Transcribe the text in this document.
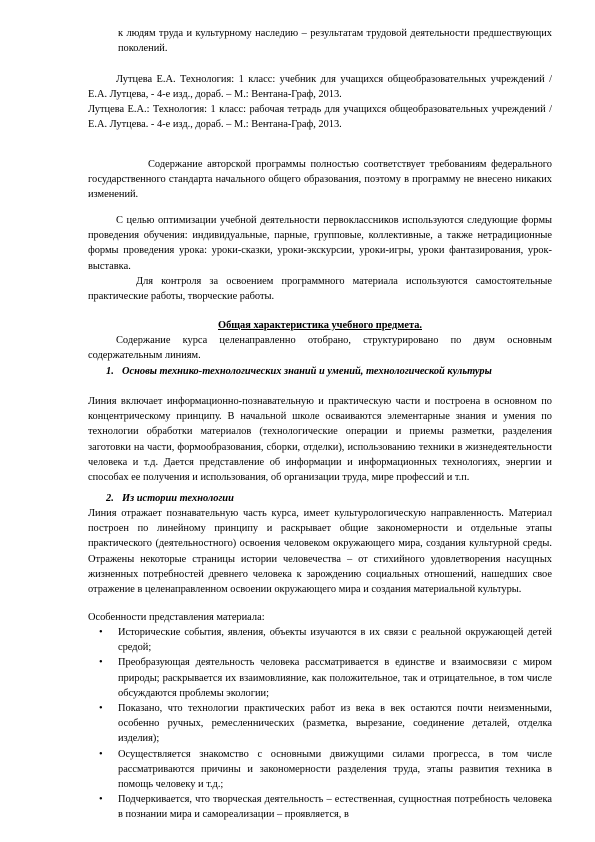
к людям труда и культурному наследию – результатам трудовой деятельности предшествующих поколений.

Лутцева Е.А. Технология: 1 класс: учебник для учащихся общеобразовательных учреждений / Е.А. Лутцева, - 4-е изд., дораб. – М.: Вентана-Граф, 2013.

Лутцева Е.А.: Технология: 1 класс: рабочая тетрадь для учащихся общеобразовательных учреждений / Е.А. Лутцева. - 4-е изд., дораб. – М.: Вентана-Граф, 2013.

Содержание авторской программы полностью соответствует требованиям федерального государственного стандарта начального общего образования, поэтому в программу не внесено никаких изменений.

С целью оптимизации учебной деятельности первоклассников используются следующие формы проведения обучения: индивидуальные, парные, групповые, коллективные, а также нетрадиционные формы проведения урока: уроки-сказки, уроки-экскурсии, уроки-игры, уроки фантазирования, урок-выставка.

Для контроля за освоением программного материала используются самостоятельные практические работы, творческие работы.

Общая характеристика учебного предмета.

Содержание курса целенаправленно отобрано, структурировано по двум основным содержательным линиям.

1. Основы технико-технологических знаний и умений, технологической культуры

Линия включает информационно-познавательную и практическую части и построена в основном по концентрическому принципу. В начальной школе осваиваются элементарные знания и умения по технологии обработки материалов (технологические операции и приемы разметки, разделения заготовки на части, формообразования, сборки, отделки), использованию техники в жизнедеятельности человека и т.д. Дается представление об информации и информационных технологиях, энергии и способах ее получения и использования, об организации труда, мире профессий и т.п.

2. Из истории технологии

Линия отражает познавательную часть курса, имеет культурологическую направленность. Материал построен по линейному принципу и раскрывает общие закономерности и отдельные этапы практического (деятельностного) освоения человеком окружающего мира, создания культурной среды. Отражены некоторые страницы истории человечества – от стихийного удовлетворения насущных жизненных потребностей древнего человека к зарождению социальных отношений, нашедших свое отражение в целенаправленном освоении окружающего мира и создания материальной культуры.

Особенности представления материала:

• Исторические события, явления, объекты изучаются в их связи с реальной окружающей детей средой;
• Преобразующая деятельность человека рассматривается в единстве и взаимосвязи с миром природы; раскрывается их взаимовлияние, как положительное, так и отрицательное, в том числе обсуждаются проблемы экологии;
• Показано, что технологии практических работ из века в век остаются почти неизменными, особенно ручных, ремесленнических (разметка, вырезание, соединение деталей, отделка изделия);
• Осуществляется знакомство с основными движущими силами прогресса, в том числе рассматриваются причины и закономерности разделения труда, этапы развития техника в помощь человеку и т.д.;
• Подчеркивается, что творческая деятельность – естественная, сущностная потребность человека в познании мира и самореализации – проявляется, в
